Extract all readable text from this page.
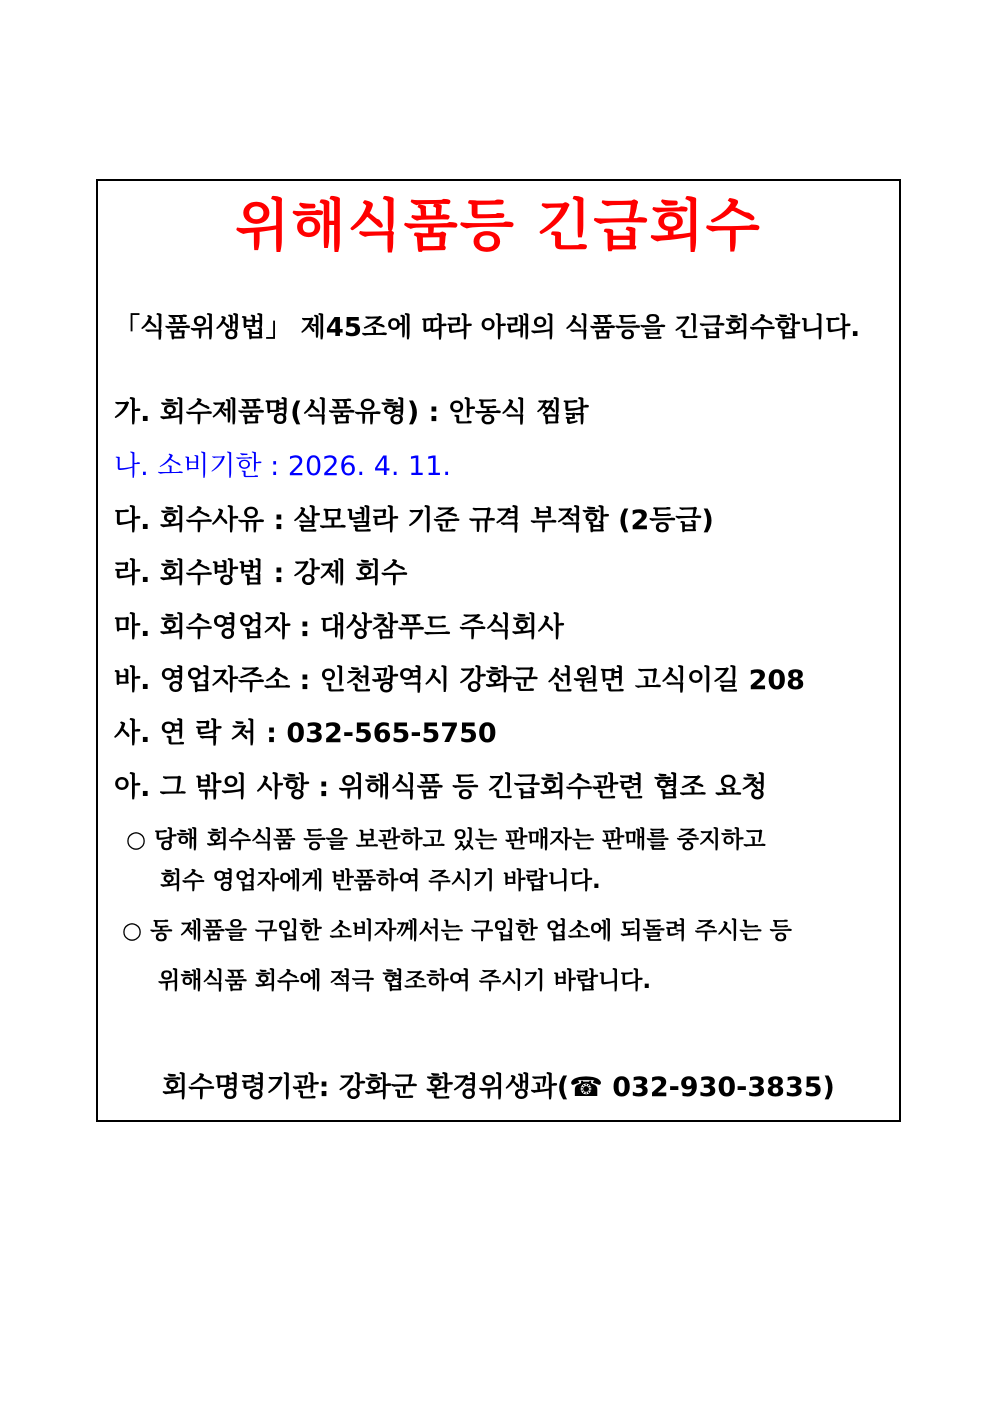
위해식품등 긴급회수
「식품위생법」 제45조에 따라 아래의 식품등을 긴급회수합니다.
가. 회수제품명(식품유형) : 안동식 찜닭
나. 소비기한 : 2026. 4. 11.
다. 회수사유 : 살모넬라 기준 규격 부적합 (2등급)
라. 회수방법 : 강제 회수
마. 회수영업자 : 대상참푸드 주식회사
바. 영업자주소 : 인천광역시 강화군 선원면 고식이길 208
사. 연 락 처 : 032-565-5750
아. 그 밖의 사항 : 위해식품 등 긴급회수관련 협조 요청
○ 당해 회수식품 등을 보관하고 있는 판매자는 판매를 중지하고
회수 영업자에게 반품하여 주시기 바랍니다.
○ 동 제품을 구입한 소비자께서는 구입한 업소에 되돌려 주시는 등
위해식품 회수에 적극 협조하여 주시기 바랍니다.
회수명령기관: 강화군 환경위생과(☎ 032-930-3835)
